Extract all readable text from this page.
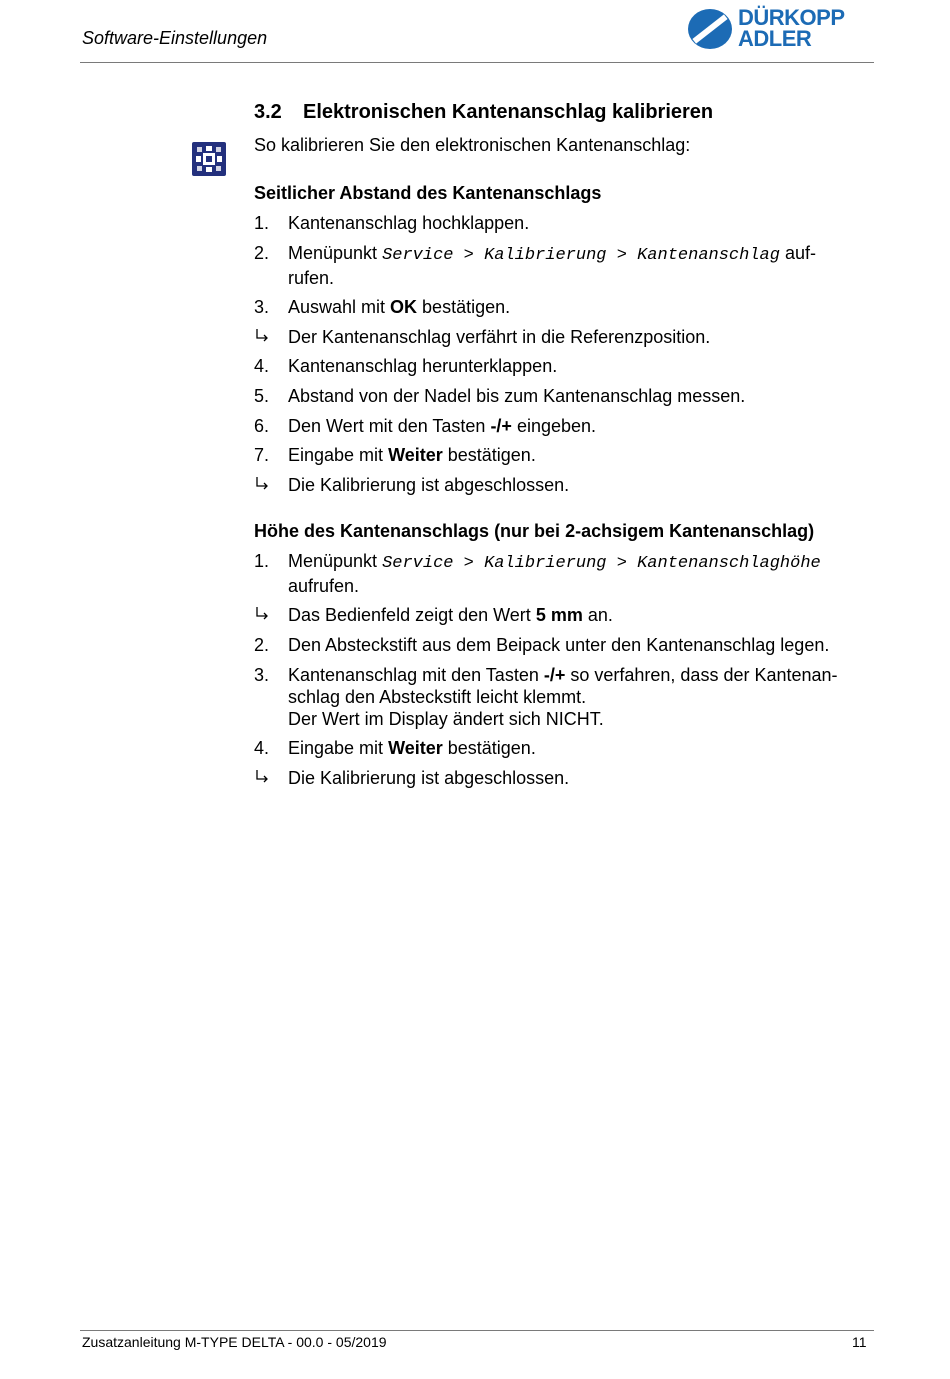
Software-Einstellungen
DÜRKOPP
ADLER
3.2 Elektronischen Kantenanschlag kalibrieren
So kalibrieren Sie den elektronischen Kantenanschlag:
Seitlicher Abstand des Kantenanschlags
1.	Kantenanschlag hochklappen.
2.	Menüpunkt Service > Kalibrierung > Kantenanschlag auf-
rufen.
3.	Auswahl mit OK bestätigen.
Der Kantenanschlag verfährt in die Referenzposition.
4.	Kantenanschlag herunterklappen.
5.	Abstand von der Nadel bis zum Kantenanschlag messen.
6.	Den Wert mit den Tasten -/+ eingeben.
7.	Eingabe mit Weiter bestätigen.
Die Kalibrierung ist abgeschlossen.
Höhe des Kantenanschlags (nur bei 2-achsigem Kantenanschlag)
1.	Menüpunkt Service > Kalibrierung > Kantenanschlaghöhe
aufrufen.
Das Bedienfeld zeigt den Wert 5 mm an.
2.	Den Absteckstift aus dem Beipack unter den Kantenanschlag legen.
3.	Kantenanschlag mit den Tasten -/+ so verfahren, dass der Kantenan-
schlag den Absteckstift leicht klemmt.
Der Wert im Display ändert sich NICHT.
4.	Eingabe mit Weiter bestätigen.
Die Kalibrierung ist abgeschlossen.
Zusatzanleitung M-TYPE DELTA - 00.0 - 05/2019	11
